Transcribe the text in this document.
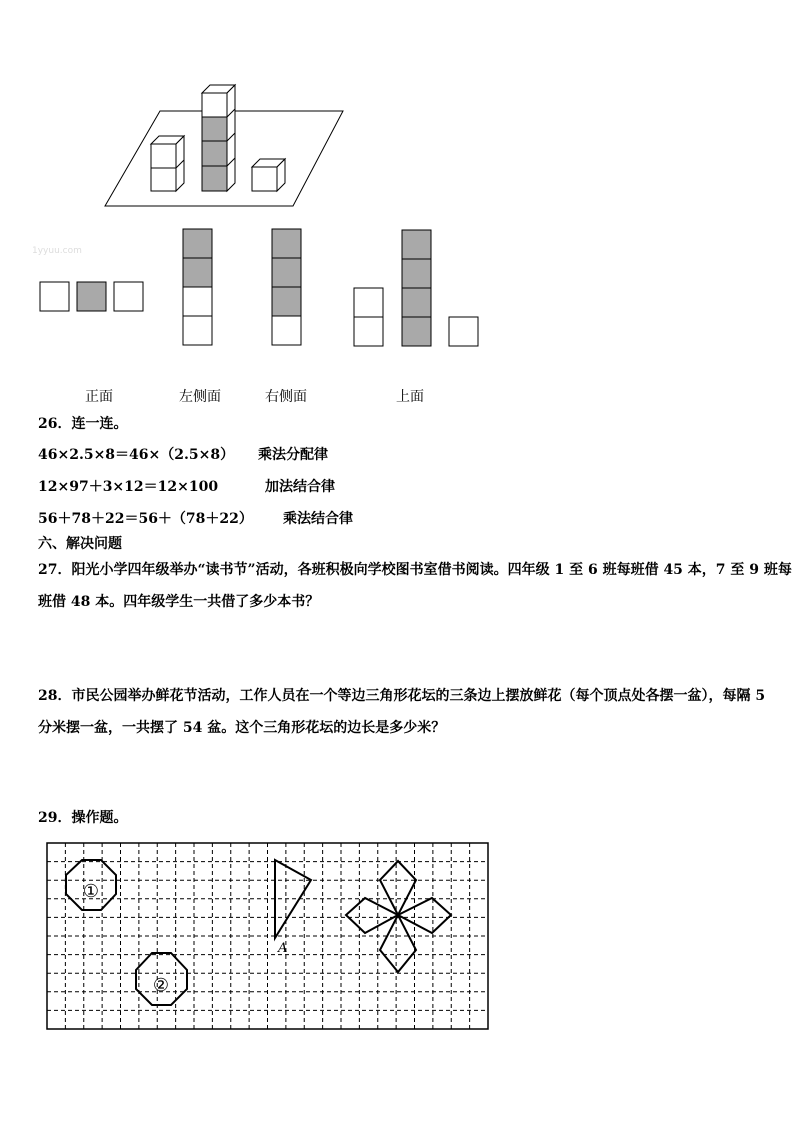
1yyuu.com
正面	左侧面	右侧面	上面
26．连一连。
46×2.5×8＝46×（2.5×8） 乘法分配律
12×97＋3×12＝12×100	加法结合律
56＋78＋22＝56＋（78＋22） 乘法结合律
六、解决问题
27．阳光小学四年级举办“读书节”活动，各班积极向学校图书室借书阅读。四年级 1 至 6 班每班借 45 本，7 至 9 班每
班借 48 本。四年级学生一共借了多少本书？
28．市民公园举办鲜花节活动，工作人员在一个等边三角形花坛的三条边上摆放鲜花（每个顶点处各摆一盆），每隔 5
分米摆一盆，一共摆了 54 盆。这个三角形花坛的边长是多少米？
29．操作题。
①
②
A
